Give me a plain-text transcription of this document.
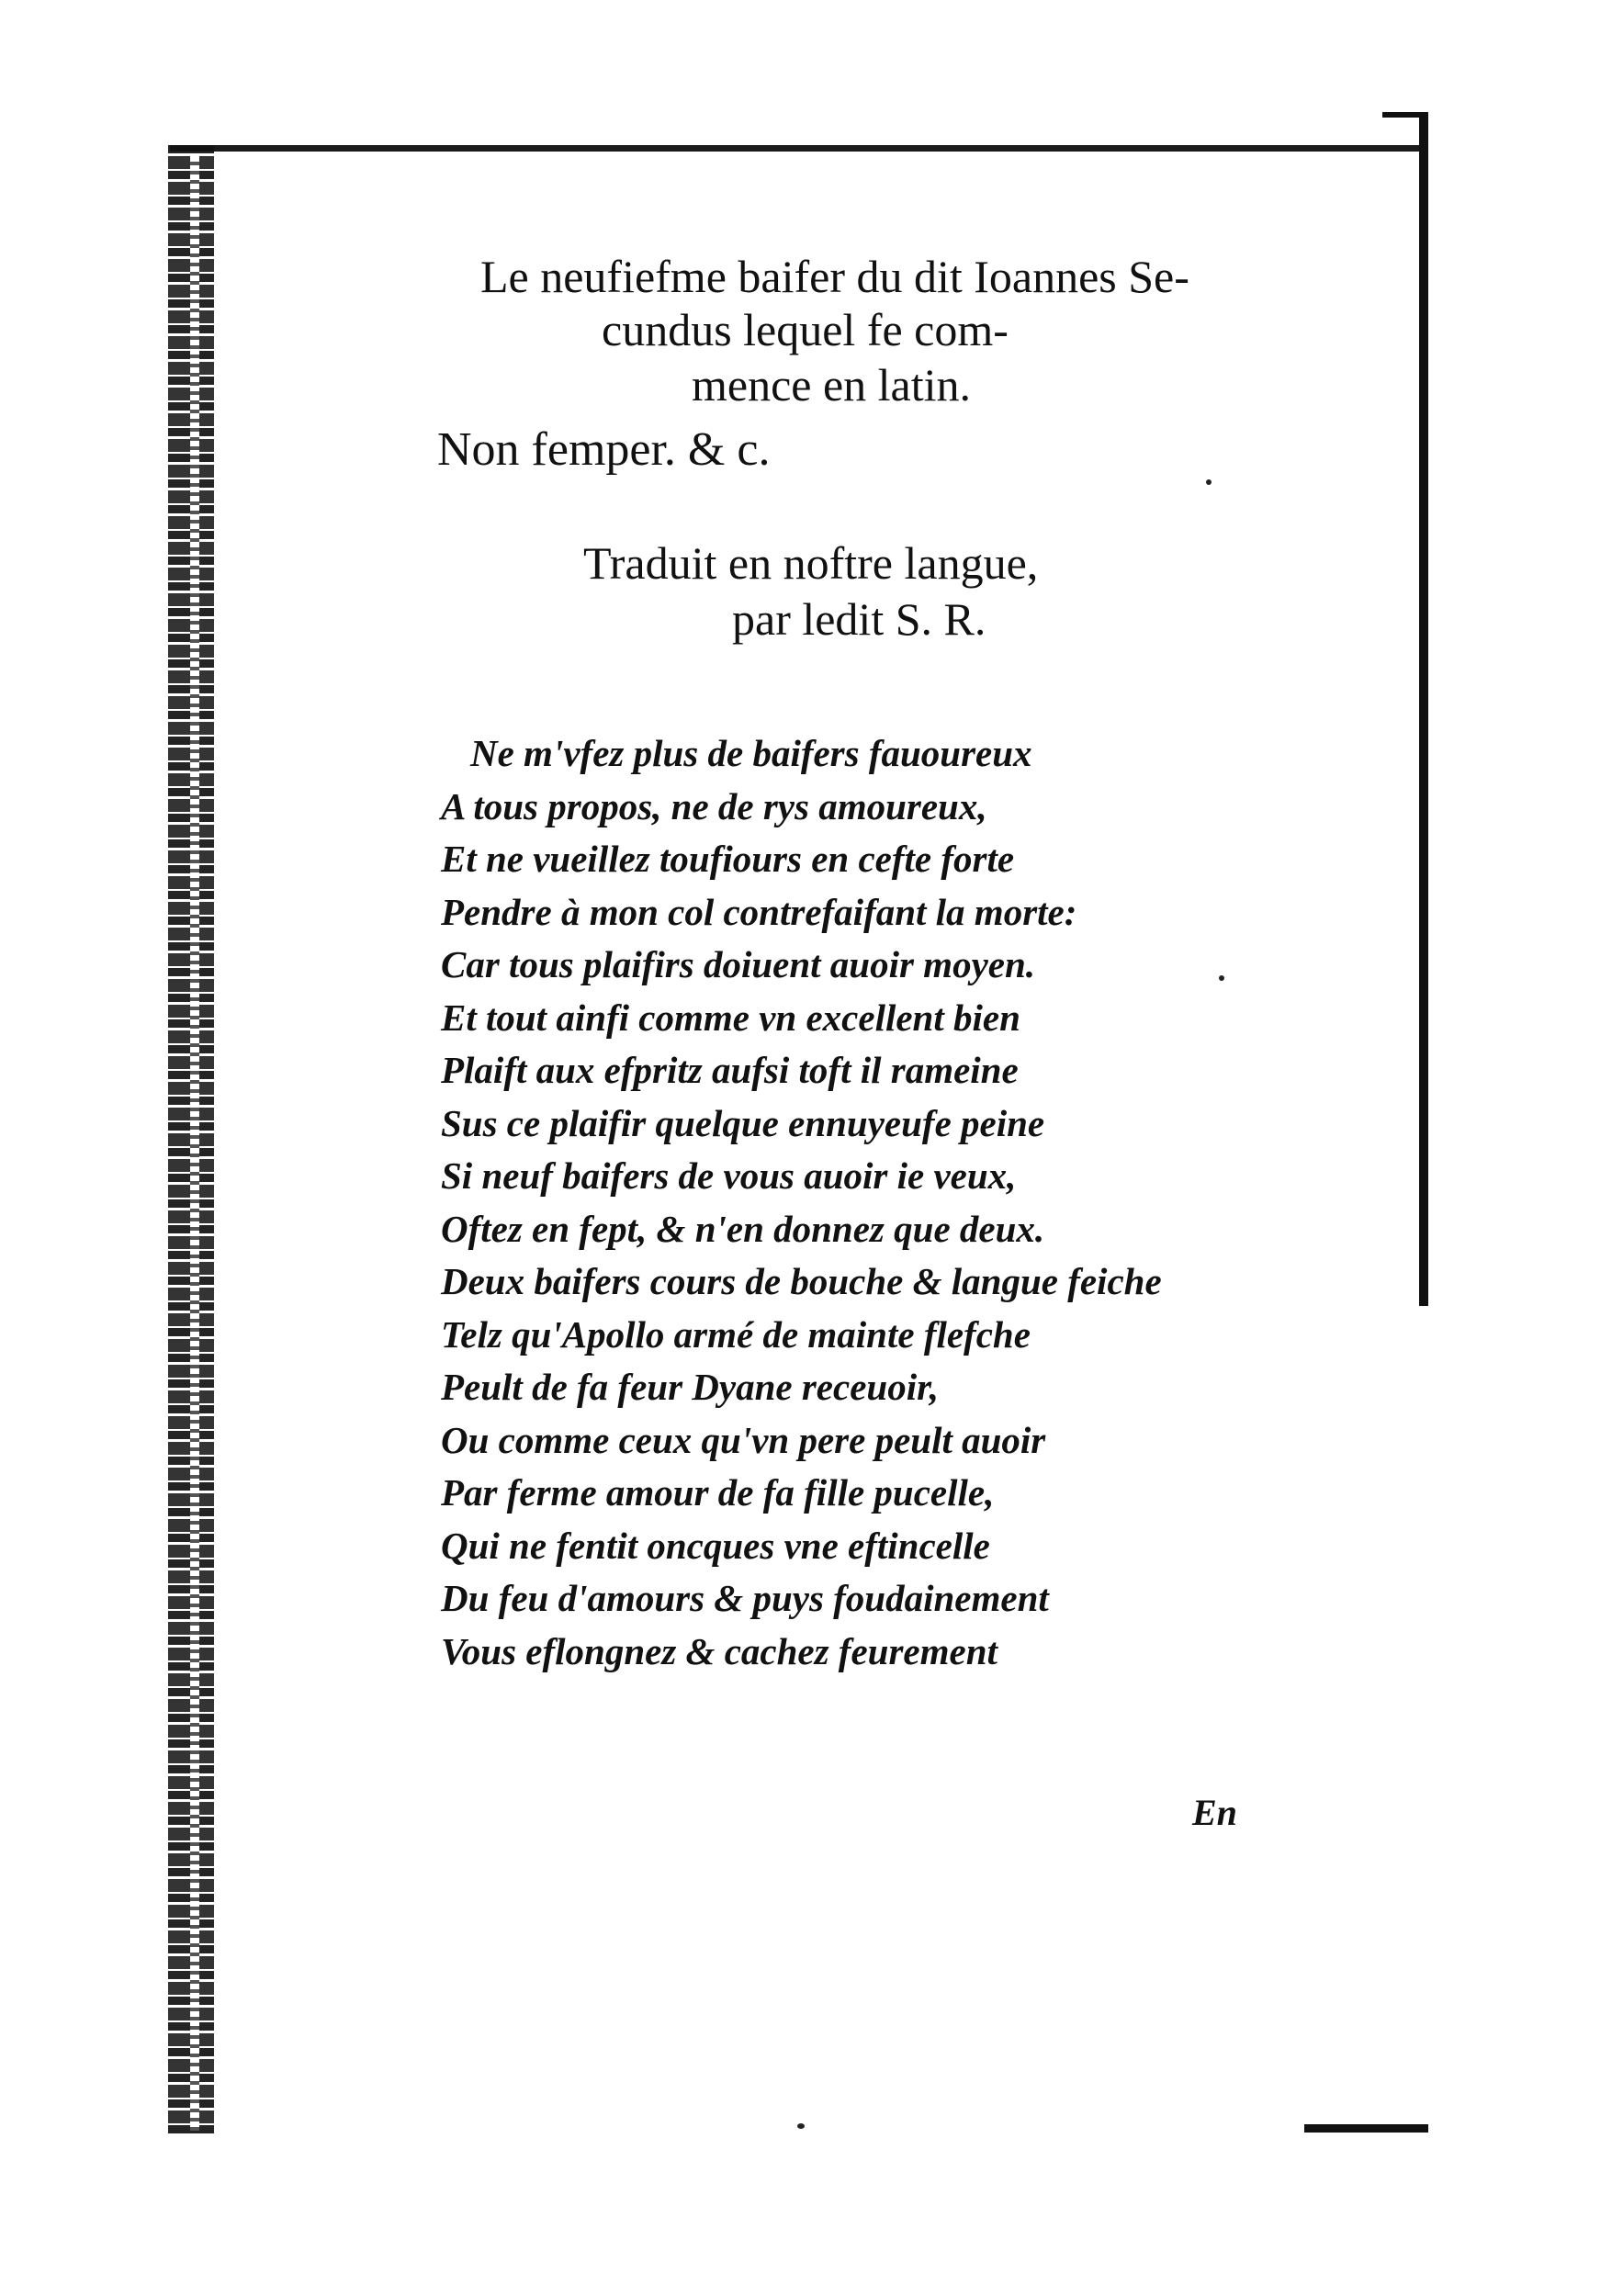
Le neufiefme baifer du dit Ioannes Se-
cundus lequel fe com-
mence en latin.
Non femper. & c.
Traduit en noftre langue,
par ledit S. R.
Ne m'vfez plus de baifers fauoureux
A tous propos, ne de rys amoureux,
Et ne vueillez toufiours en cefte forte
Pendre à mon col contrefaifant la morte:
Car tous plaifirs doiuent auoir moyen.
Et tout ainfi comme vn excellent bien
Plaift aux efpritz aufsi toft il rameine
Sus ce plaifir quelque ennuyeufe peine
Si neuf baifers de vous auoir ie veux,
Oftez en fept, & n'en donnez que deux.
Deux baifers cours de bouche & langue feiche
Telz qu'Apollo armé de mainte flefche
Peult de fa feur Dyane receuoir,
Ou comme ceux qu'vn pere peult auoir
Par ferme amour de fa fille pucelle,
Qui ne fentit oncques vne eftincelle
Du feu d'amours & puys foudainement
Vous eflongnez & cachez feurement
En
